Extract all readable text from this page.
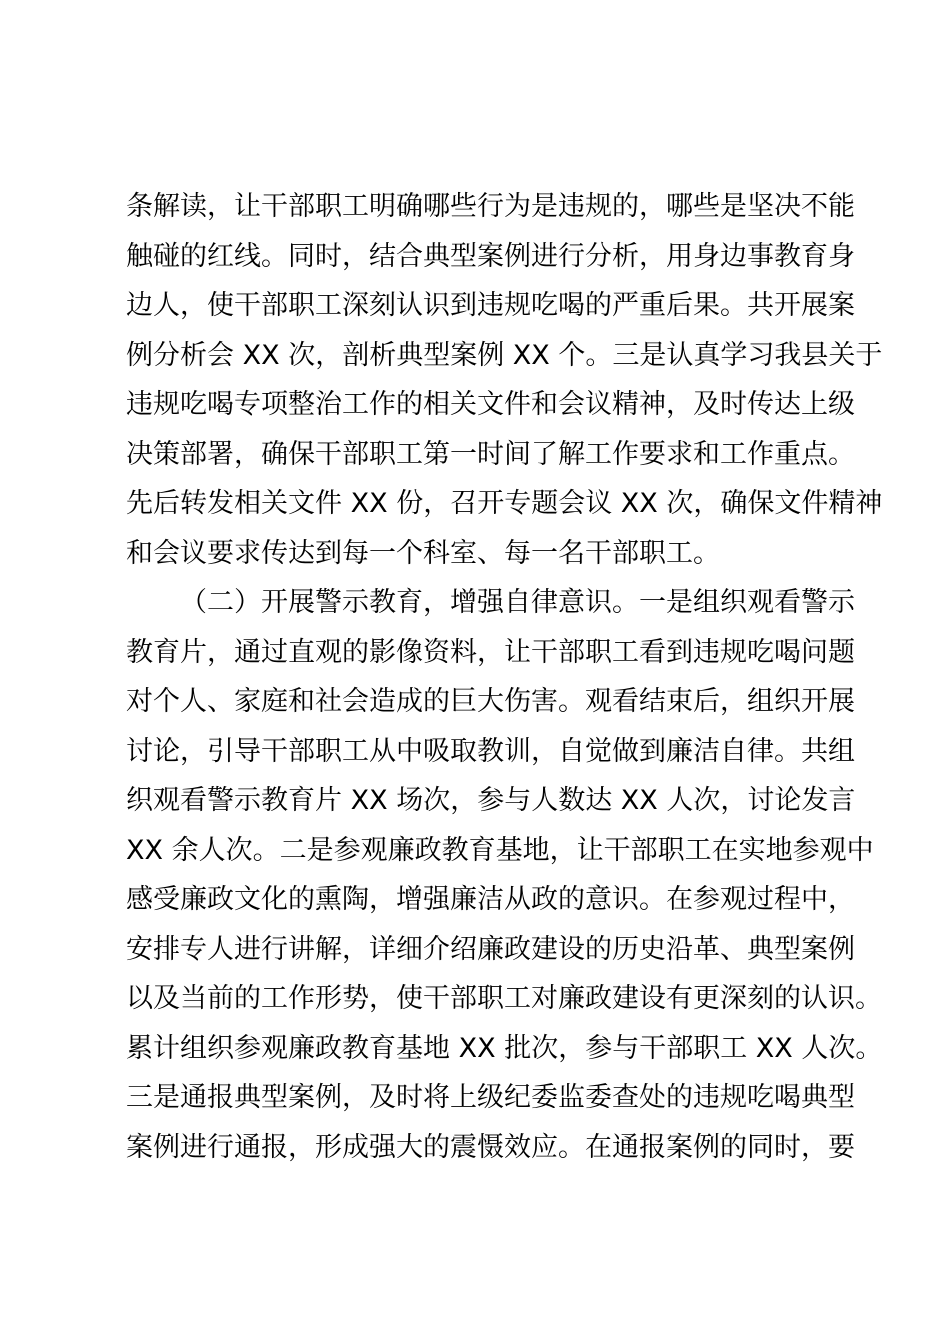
条 解 读 ， 让 干 部 职 工 明 确 哪 些 行 为 是 违 规 的 ， 哪 些 是 坚 决 不 能
触 碰 的 红 线 。 同 时 ， 结 合 典 型 案 例 进 行 分 析 ， 用 身 边 事 教 育 身
边 人 ， 使 干 部 职 工 深 刻 认 识 到 违 规 吃 喝 的 严 重 后 果 。 共 开 展 案
例 分 析 会
X X
次 ， 剖 析 典 型 案 例
X X
个 。 三 是 认 真 学 习 我 县 关 于
违 规 吃 喝 专 项 整 治 工 作 的 相 关 文 件 和 会 议 精 神 ， 及 时 传 达 上 级
决 策 部 署 ， 确 保 干 部 职 工 第 一 时 间 了 解 工 作 要 求 和 工 作 重 点 。
先 后 转 发 相 关 文 件
X X
份 ， 召 开 专 题 会 议
X X
次 ， 确 保 文 件 精 神
和会议要求传达到每一个科室、每一名干部职工。
（ 二 ） 开 展 警 示 教 育 ， 增 强 自 律 意 识 。 一 是 组 织 观 看 警 示
教 育 片 ， 通 过 直 观 的 影 像 资 料 ， 让 干 部 职 工 看 到 违 规 吃 喝 问 题
对 个 人 、 家 庭 和 社 会 造 成 的 巨 大 伤 害 。 观 看 结 束 后 ， 组 织 开 展
讨 论 ， 引 导 干 部 职 工 从 中 吸 取 教 训 ， 自 觉 做 到 廉 洁 自 律 。 共 组
织 观 看 警 示 教 育 片
X X
场 次 ， 参 与 人 数 达
X X
人 次 ， 讨 论 发 言
X X
余 人 次 。 二 是 参 观 廉 政 教 育 基 地 ， 让 干 部 职 工 在 实 地 参 观 中
感 受 廉 政 文 化 的 熏 陶 ， 增 强 廉 洁 从 政 的 意 识 。 在 参 观 过 程 中 ，
安 排 专 人 进 行 讲 解 ， 详 细 介 绍 廉 政 建 设 的 历 史 沿 革 、 典 型 案 例
以 及 当 前 的 工 作 形 势 ， 使 干 部 职 工 对 廉 政 建 设 有 更 深 刻 的 认 识 。
累 计 组 织 参 观 廉 政 教 育 基 地
X X
批 次 ， 参 与 干 部 职 工
X X
人 次 。
三 是 通 报 典 型 案 例 ， 及 时 将 上 级 纪 委 监 委 查 处 的 违 规 吃 喝 典 型
案 例 进 行 通 报 ， 形 成 强 大 的 震 慑 效 应 。 在 通 报 案 例 的 同 时 ， 要
